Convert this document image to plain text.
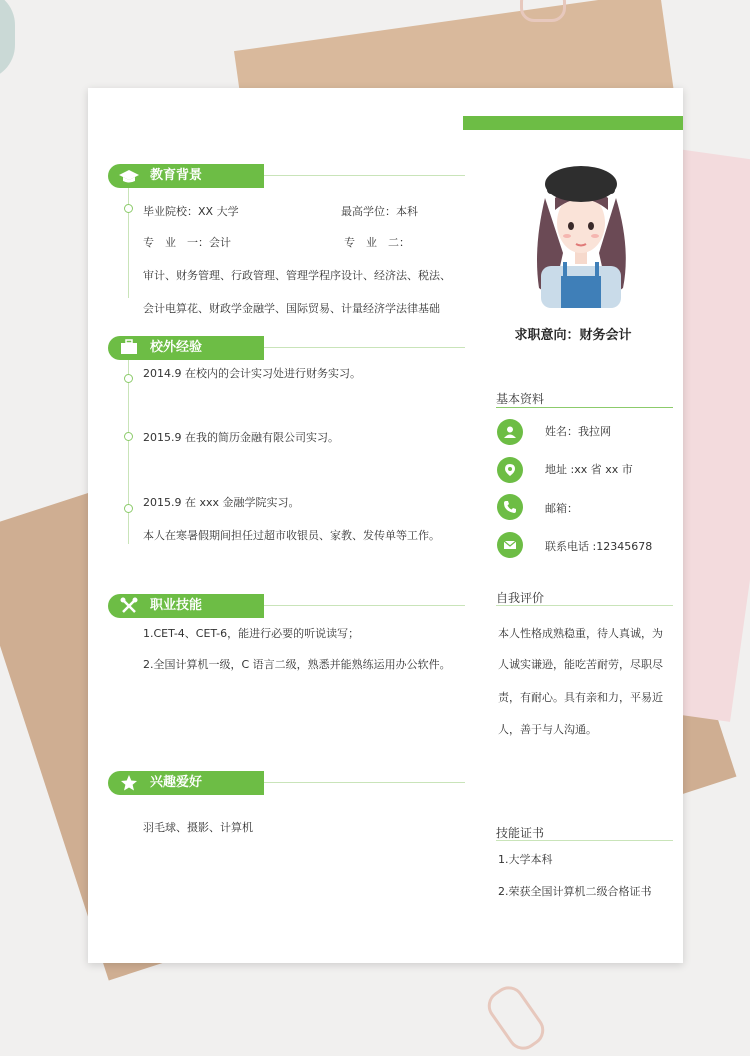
教育背景
毕业院校：XX 大学	最高学位：本科
专　业　一：会计	专　业　二：
审计、财务管理、行政管理、管理学程序设计、经济法、税法、
会计电算花、财政学金融学、国际贸易、计量经济学法律基础
校外经验
2014.9 在校内的会计实习处进行财务实习。
2015.9 在我的简历金融有限公司实习。
2015.9 在 xxx 金融学院实习。
本人在寒暑假期间担任过超市收银员、家教、发传单等工作。
职业技能
1.CET-4、CET-6，能进行必要的听说读写；
2.全国计算机一级，C 语言二级，熟悉并能熟练运用办公软件。
兴趣爱好
羽毛球、摄影、计算机
求职意向：财务会计
基本资料
姓名：我拉网
地址 :xx 省 xx 市
邮箱：
联系电话 :12345678
自我评价
本人性格成熟稳重，待人真诚，为
人诚实谦逊，能吃苦耐劳，尽职尽
责，有耐心。具有亲和力，平易近
人，善于与人沟通。
技能证书
1.大学本科
2.荣获全国计算机二级合格证书
